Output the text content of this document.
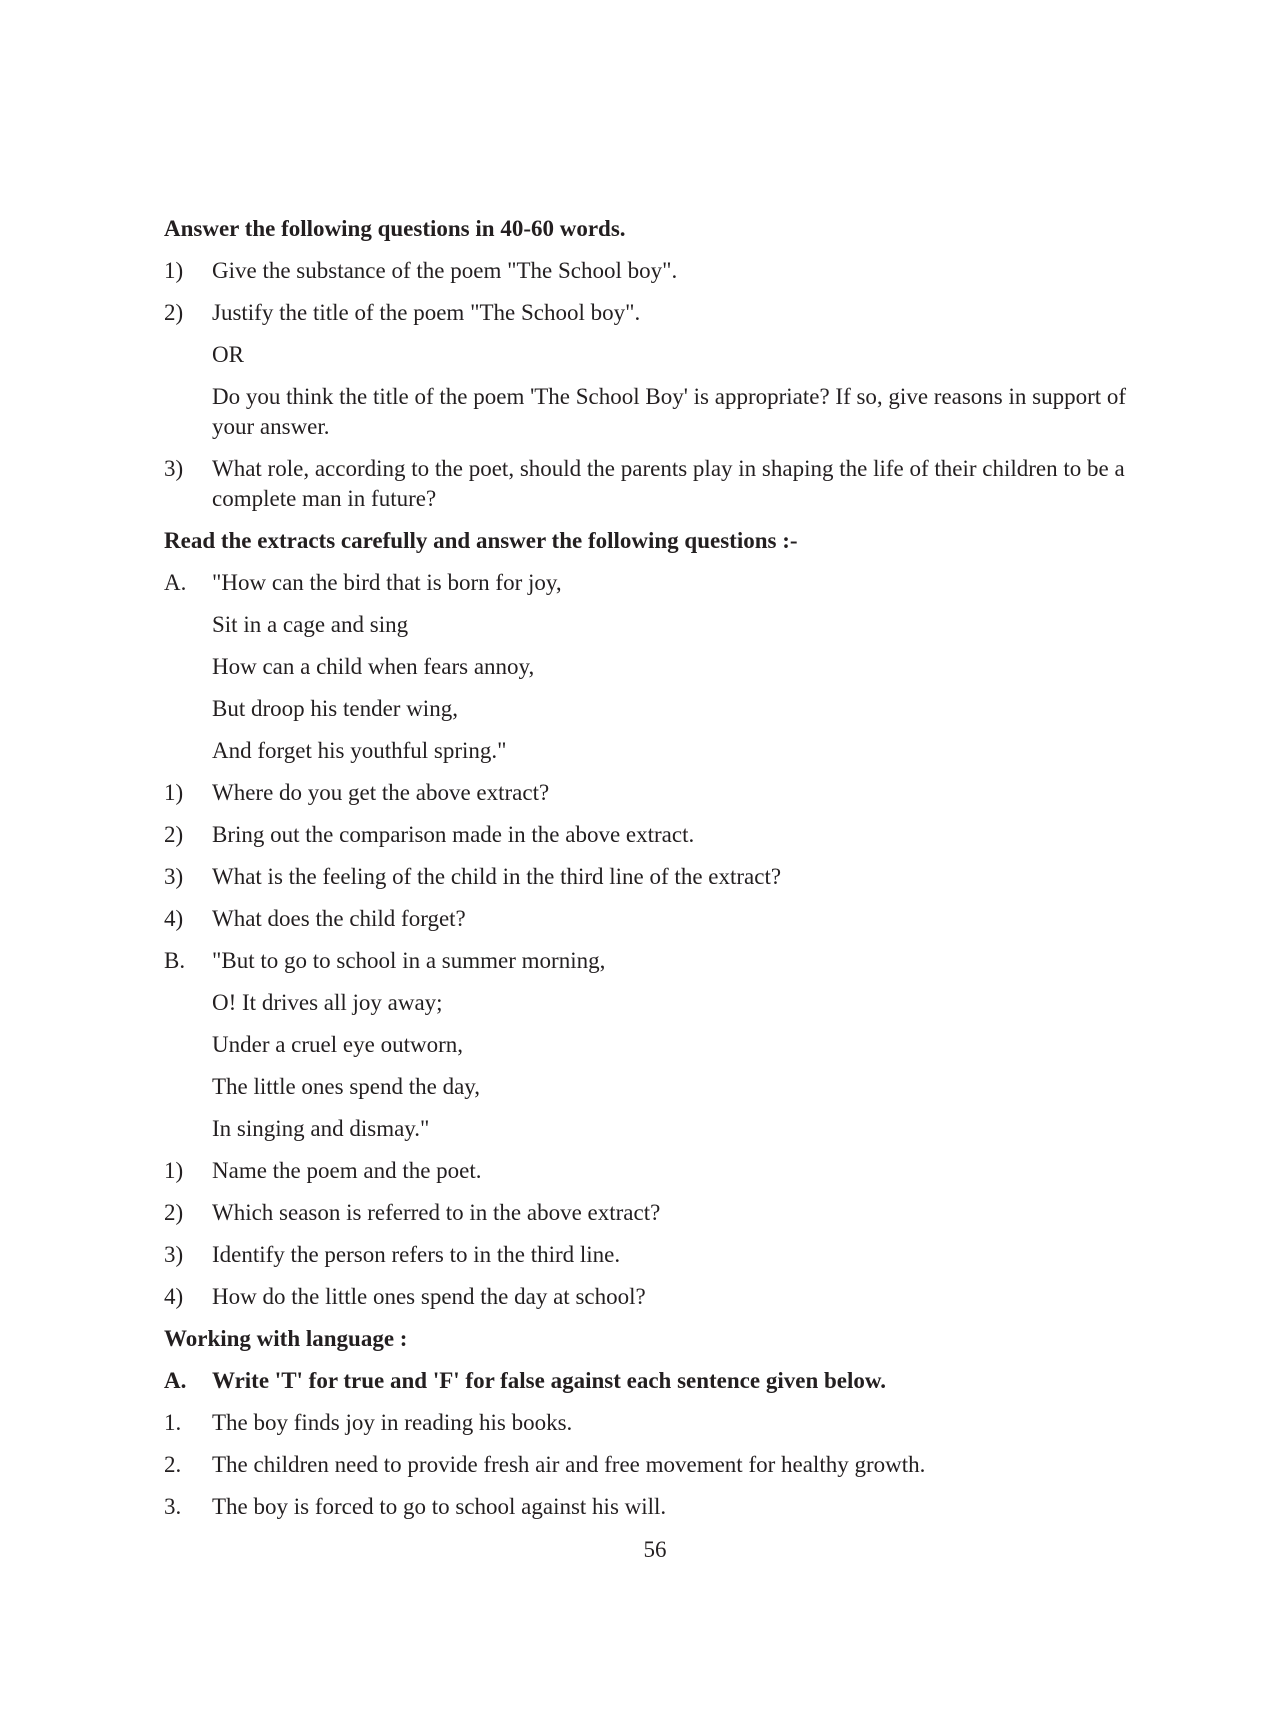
Answer the following questions in 40-60 words.
1)	Give the substance of the poem "The School boy".
2)	Justify the title of the poem "The School boy".
OR
Do you think the title of the poem 'The School Boy' is appropriate? If so, give reasons in support of your answer.
3)	What role, according to the poet, should the parents play in shaping the life of their children to be a complete man in future?
Read the extracts carefully and answer the following questions :-
A.	"How can the bird that is born for joy,
Sit in a cage and sing
How can a child when fears annoy,
But droop his tender wing,
And forget his youthful spring."
1)	Where do you get the above extract?
2)	Bring out the comparison made in the above extract.
3)	What is the feeling of the child in the third line of the extract?
4)	What does the child forget?
B.	"But to go to school in a summer morning,
O! It drives all joy away;
Under a cruel eye outworn,
The little ones spend the day,
In singing and dismay."
1)	Name the poem and the poet.
2)	Which season is referred to in the above extract?
3)	Identify the person refers to in the third line.
4)	How do the little ones spend the day at school?
Working with language :
A.	Write 'T' for true and 'F' for false against each sentence given below.
1.	The boy finds joy in reading his books.
2.	The children need to provide fresh air and free movement for healthy growth.
3.	The boy is forced to go to school against his will.
56
